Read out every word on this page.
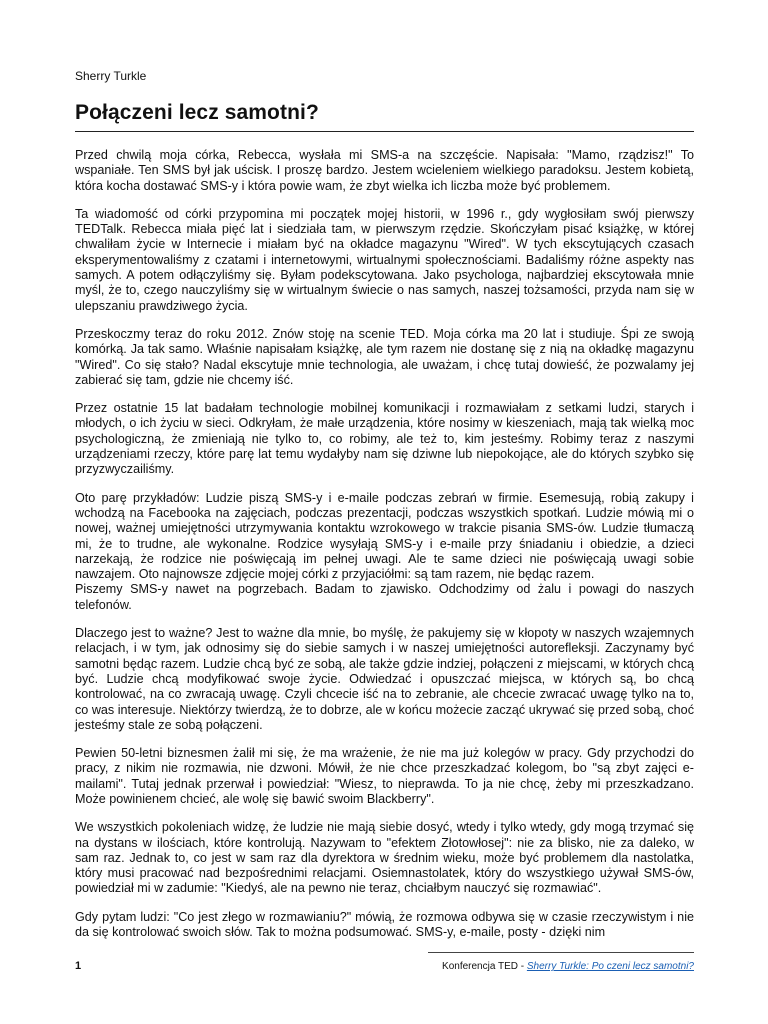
Sherry Turkle
Połączeni lecz samotni?

Przed chwilą moja córka, Rebecca, wysłała mi SMS-a na szczęście. Napisała: "Mamo, rządzisz!" To wspaniałe. Ten SMS był jak uścisk. I proszę bardzo. Jestem wcieleniem wielkiego paradoksu. Jestem kobietą, która kocha dostawać SMS-y i która powie wam, że zbyt wielka ich liczba może być problemem.

Ta wiadomość od córki przypomina mi początek mojej historii, w 1996 r., gdy wygłosiłam swój pierwszy TEDTalk. Rebecca miała pięć lat i siedziała tam, w pierwszym rzędzie. Skończyłam pisać książkę, w której chwaliłam życie w Internecie i miałam być na okładce magazynu "Wired". W tych ekscytujących czasach eksperymentowaliśmy z czatami i internetowymi, wirtualnymi społecznościami. Badaliśmy różne aspekty nas samych. A potem odłączyliśmy się. Byłam podekscytowana. Jako psychologa, najbardziej ekscytowała mnie myśl, że to, czego nauczyliśmy się w wirtualnym świecie o nas samych, naszej tożsamości, przyda nam się w ulepszaniu prawdziwego życia.

Przeskoczmy teraz do roku 2012. Znów stoję na scenie TED. Moja córka ma 20 lat i studiuje. Śpi ze swoją komórką. Ja tak samo. Właśnie napisałam książkę, ale tym razem nie dostanę się z nią na okładkę magazynu "Wired". Co się stało? Nadal ekscytuje mnie technologia, ale uważam, i chcę tutaj dowieść, że pozwalamy jej zabierać się tam, gdzie nie chcemy iść.

Przez ostatnie 15 lat badałam technologie mobilnej komunikacji i rozmawiałam z setkami ludzi, starych i młodych, o ich życiu w sieci. Odkryłam, że małe urządzenia, które nosimy w kieszeniach, mają tak wielką moc psychologiczną, że zmieniają nie tylko to, co robimy, ale też to, kim jesteśmy. Robimy teraz z naszymi urządzeniami rzeczy, które parę lat temu wydałyby nam się dziwne lub niepokojące, ale do których szybko się przyzwyczailiśmy.

Oto parę przykładów: Ludzie piszą SMS-y i e-maile podczas zebrań w firmie. Esemesują, robią zakupy i wchodzą na Facebooka na zajęciach, podczas prezentacji, podczas wszystkich spotkań. Ludzie mówią mi o nowej, ważnej umiejętności utrzymywania kontaktu wzrokowego w trakcie pisania SMS-ów. Ludzie tłumaczą mi, że to trudne, ale wykonalne. Rodzice wysyłają SMS-y i e-maile przy śniadaniu i obiedzie, a dzieci narzekają, że rodzice nie poświęcają im pełnej uwagi. Ale te same dzieci nie poświęcają uwagi sobie nawzajem. Oto najnowsze zdjęcie mojej córki z przyjaciółmi: są tam razem, nie będąc razem.

Piszemy SMS-y nawet na pogrzebach. Badam to zjawisko. Odchodzimy od żalu i powagi do naszych telefonów.

Dlaczego jest to ważne? Jest to ważne dla mnie, bo myślę, że pakujemy się w kłopoty w naszych wzajemnych relacjach, i w tym, jak odnosimy się do siebie samych i w naszej umiejętności autorefleksji. Zaczynamy być samotni będąc razem. Ludzie chcą być ze sobą, ale także gdzie indziej, połączeni z miejscami, w których chcą być. Ludzie chcą modyfikować swoje życie. Odwiedzać i opuszczać miejsca, w których są, bo chcą kontrolować, na co zwracają uwagę. Czyli chcecie iść na to zebranie, ale chcecie zwracać uwagę tylko na to, co was interesuje. Niektórzy twierdzą, że to dobrze, ale w końcu możecie zacząć ukrywać się przed sobą, choć jesteśmy stale ze sobą połączeni.

Pewien 50-letni biznesmen żalił mi się, że ma wrażenie, że nie ma już kolegów w pracy. Gdy przychodzi do pracy, z nikim nie rozmawia, nie dzwoni. Mówił, że nie chce przeszkadzać kolegom, bo "są zbyt zajęci e-mailami". Tutaj jednak przerwał i powiedział: "Wiesz, to nieprawda. To ja nie chcę, żeby mi przeszkadzano. Może powinienem chcieć, ale wolę się bawić swoim Blackberry".

We wszystkich pokoleniach widzę, że ludzie nie mają siebie dosyć, wtedy i tylko wtedy, gdy mogą trzymać się na dystans w ilościach, które kontrolują. Nazywam to "efektem Złotowłosej": nie za blisko, nie za daleko, w sam raz. Jednak to, co jest w sam raz dla dyrektora w średnim wieku, może być problemem dla nastolatka, który musi pracować nad bezpośrednimi relacjami. Osiemnastolatek, który do wszystkiego używał SMS-ów, powiedział mi w zadumie: "Kiedyś, ale na pewno nie teraz, chciałbym nauczyć się rozmawiać".

Gdy pytam ludzi: "Co jest złego w rozmawianiu?" mówią, że rozmowa odbywa się w czasie rzeczywistym i nie da się kontrolować swoich słów. Tak to można podsumować. SMS-y, e-maile, posty - dzięki nim

1	Konferencja TED - Sherry Turkle: Po czeni lecz samotni?
